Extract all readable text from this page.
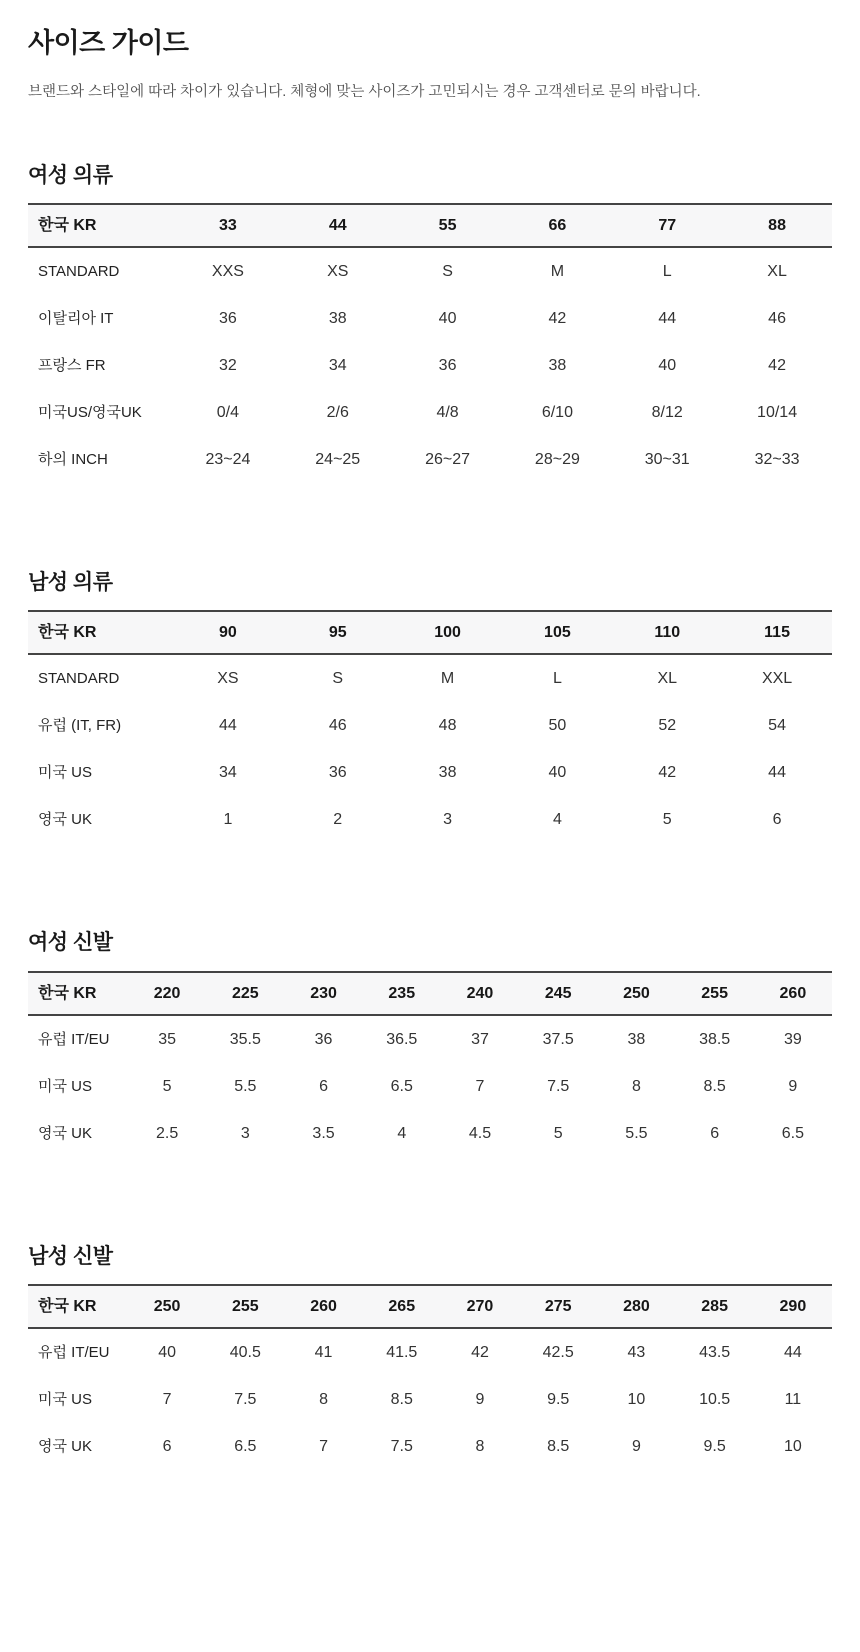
사이즈 가이드

브랜드와 스타일에 따라 차이가 있습니다. 체형에 맞는 사이즈가 고민되시는 경우 고객센터로 문의 바랍니다.

여성 의류
한국 KR	33	44	55	66	77	88
STANDARD	XXS	XS	S	M	L	XL
이탈리아 IT	36	38	40	42	44	46
프랑스 FR	32	34	36	38	40	42
미국US/영국UK	0/4	2/6	4/8	6/10	8/12	10/14
하의 INCH	23~24	24~25	26~27	28~29	30~31	32~33
남성 의류
한국 KR	90	95	100	105	110	115
STANDARD	XS	S	M	L	XL	XXL
유럽 (IT, FR)	44	46	48	50	52	54
미국 US	34	36	38	40	42	44
영국 UK	1	2	3	4	5	6
여성 신발
한국 KR	220	225	230	235	240	245	250	255	260
유럽 IT/EU	35	35.5	36	36.5	37	37.5	38	38.5	39
미국 US	5	5.5	6	6.5	7	7.5	8	8.5	9
영국 UK	2.5	3	3.5	4	4.5	5	5.5	6	6.5
남성 신발
한국 KR	250	255	260	265	270	275	280	285	290
유럽 IT/EU	40	40.5	41	41.5	42	42.5	43	43.5	44
미국 US	7	7.5	8	8.5	9	9.5	10	10.5	11
영국 UK	6	6.5	7	7.5	8	8.5	9	9.5	10
